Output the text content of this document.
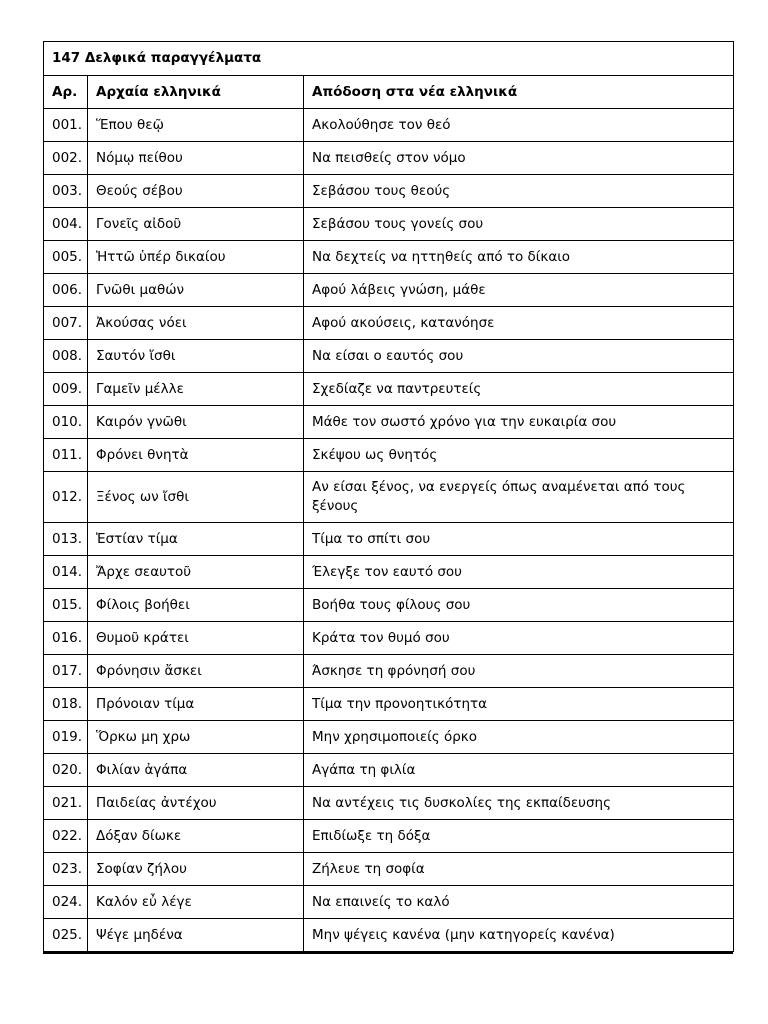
147 Δελφικά παραγγέλματα		
Αρ.	Αρχαία ελληνικά	Απόδοση στα νέα ελληνικά
001.	Ἕπου θεῷ	Ακολούθησε τον θεό
002.	Νόμῳ πείθου	Να πεισθείς στον νόμο
003.	Θεούς σέβου	Σεβάσου τους θεούς
004.	Γονεῖς αἰδοῦ	Σεβάσου τους γονείς σου
005.	Ἡττῶ ὑπέρ δικαίου	Να δεχτείς να ηττηθείς από το δίκαιο
006.	Γνῶθι μαθών	Αφού λάβεις γνώση, μάθε
007.	Ἀκούσας νόει	Αφού ακούσεις, κατανόησε
008.	Σαυτόν ἴσθι	Να είσαι ο εαυτός σου
009.	Γαμεῖν μέλλε	Σχεδίαζε να παντρευτείς
010.	Καιρόν γνῶθι	Μάθε τον σωστό χρόνο για την ευκαιρία σου
011.	Φρόνει θνητὰ	Σκέψου ως θνητός
012.	Ξένος ων ἴσθι	Αν είσαι ξένος, να ενεργείς όπως αναμένεται από τους ξένους
013.	Ἑστίαν τίμα	Τίμα το σπίτι σου
014.	Ἄρχε σεαυτοῦ	Έλεγξε τον εαυτό σου
015.	Φίλοις βοήθει	Βοήθα τους φίλους σου
016.	Θυμοῦ κράτει	Κράτα τον θυμό σου
017.	Φρόνησιν ἄσκει	Άσκησε τη φρόνησή σου
018.	Πρόνοιαν τίμα	Τίμα την προνοητικότητα
019.	Ὅρκω μη χρω	Μην χρησιμοποιείς όρκο
020.	Φιλίαν ἀγάπα	Αγάπα τη φιλία
021.	Παιδείας ἀντέχου	Να αντέχεις τις δυσκολίες της εκπαίδευσης
022.	Δόξαν δίωκε	Επιδίωξε τη δόξα
023.	Σοφίαν ζήλου	Ζήλευε τη σοφία
024.	Καλόν εὖ λέγε	Να επαινείς το καλό
025.	Ψέγε μηδένα	Μην ψέγεις κανένα (μην κατηγορείς κανένα)
